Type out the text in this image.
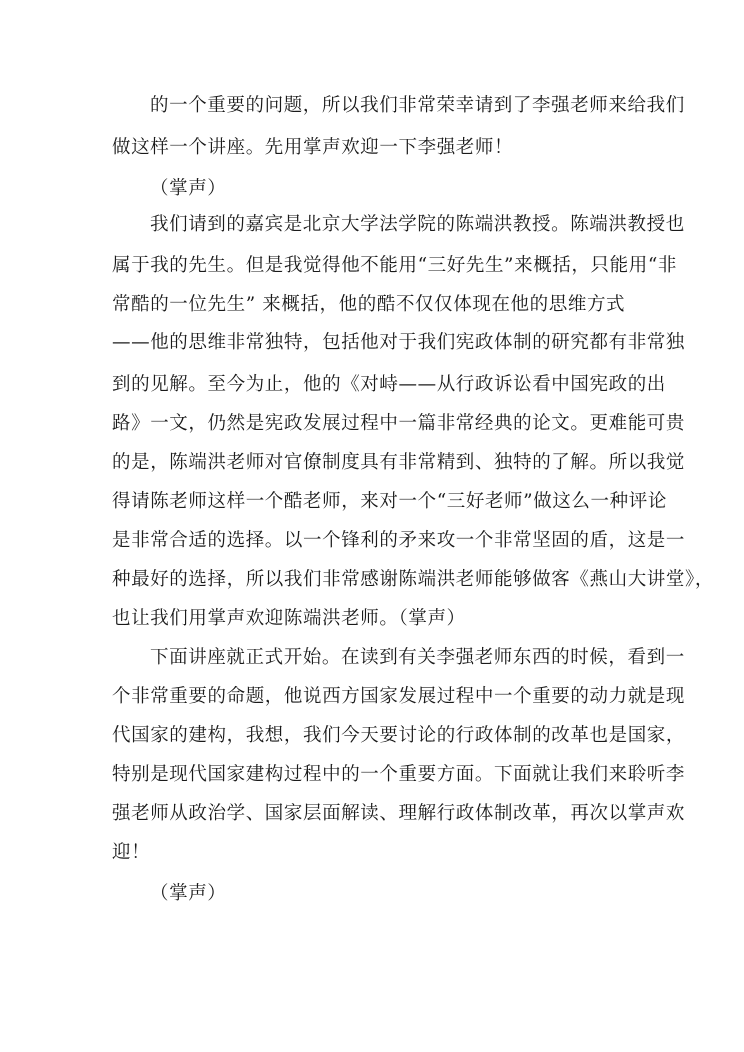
的一个重要的问题，所以我们非常荣幸请到了李强老师来给我们
做这样一个讲座。先用掌声欢迎一下李强老师！
（掌声）
我们请到的嘉宾是北京大学法学院的陈端洪教授。陈端洪教授也
属于我的先生。但是我觉得他不能用“三好先生”来概括，只能用“非
常酷的一位先生” 来概括，他的酷不仅仅体现在他的思维方式
——他的思维非常独特，包括他对于我们宪政体制的研究都有非常独
到的见解。至今为止，他的《对峙——从行政诉讼看中国宪政的出
路》一文，仍然是宪政发展过程中一篇非常经典的论文。更难能可贵
的是，陈端洪老师对官僚制度具有非常精到、独特的了解。所以我觉
得请陈老师这样一个酷老师，来对一个“三好老师”做这么一种评论
是非常合适的选择。以一个锋利的矛来攻一个非常坚固的盾，这是一
种最好的选择，所以我们非常感谢陈端洪老师能够做客《燕山大讲堂》，
也让我们用掌声欢迎陈端洪老师。（掌声）
下面讲座就正式开始。在读到有关李强老师东西的时候，看到一
个非常重要的命题，他说西方国家发展过程中一个重要的动力就是现
代国家的建构，我想，我们今天要讨论的行政体制的改革也是国家，
特别是现代国家建构过程中的一个重要方面。下面就让我们来聆听李
强老师从政治学、国家层面解读、理解行政体制改革，再次以掌声欢
迎！
（掌声）
